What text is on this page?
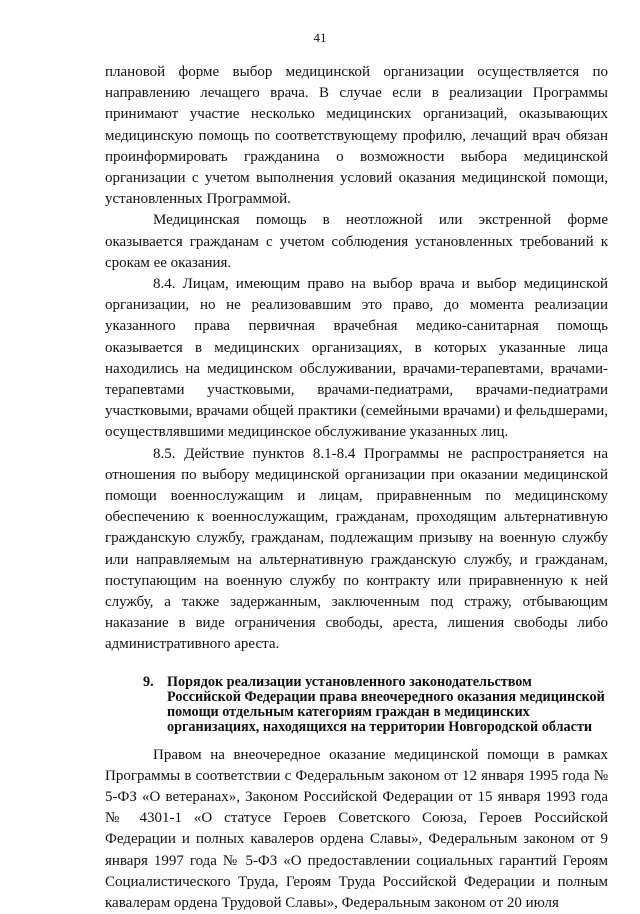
41

плановой форме выбор медицинской организации осуществляется по направлению лечащего врача. В случае если в реализации Программы принимают участие несколько медицинских организаций, оказывающих медицинскую помощь по соответствующему профилю, лечащий врач обязан проинформировать гражданина о возможности выбора медицинской организации с учетом выполнения условий оказания медицинской помощи, установленных Программой.

Медицинская помощь в неотложной или экстренной форме оказывается гражданам с учетом соблюдения установленных требований к срокам ее оказания.

8.4. Лицам, имеющим право на выбор врача и выбор медицинской организации, но не реализовавшим это право, до момента реализации указанного права первичная врачебная медико-санитарная помощь оказывается в медицинских организациях, в которых указанные лица находились на медицинском обслуживании, врачами-терапевтами, врачами-терапевтами участковыми, врачами-педиатрами, врачами-педиатрами участковыми, врачами общей практики (семейными врачами) и фельдшерами, осуществлявшими медицинское обслуживание указанных лиц.

8.5. Действие пунктов 8.1-8.4 Программы не распространяется на отношения по выбору медицинской организации при оказании медицинской помощи военнослужащим и лицам, приравненным по медицинскому обеспечению к военнослужащим, гражданам, проходящим альтернативную гражданскую службу, гражданам, подлежащим призыву на военную службу или направляемым на альтернативную гражданскую службу, и гражданам, поступающим на военную службу по контракту или приравненную к ней службу, а также задержанным, заключенным под стражу, отбывающим наказание в виде ограничения свободы, ареста, лишения свободы либо административного ареста.

9. Порядок реализации установленного законодательством Российской Федерации права внеочередного оказания медицинской помощи отдельным категориям граждан в медицинских организациях, находящихся на территории Новгородской области

Правом на внеочередное оказание медицинской помощи в рамках Программы в соответствии с Федеральным законом от 12 января 1995 года № 5-ФЗ «О ветеранах», Законом Российской Федерации от 15 января 1993 года № 4301-1 «О статусе Героев Советского Союза, Героев Российской Федерации и полных кавалеров ордена Славы», Федеральным законом от 9 января 1997 года № 5-ФЗ «О предоставлении социальных гарантий Героям Социалистического Труда, Героям Труда Российской Федерации и полным кавалерам ордена Трудовой Славы», Федеральным законом от 20 июля
